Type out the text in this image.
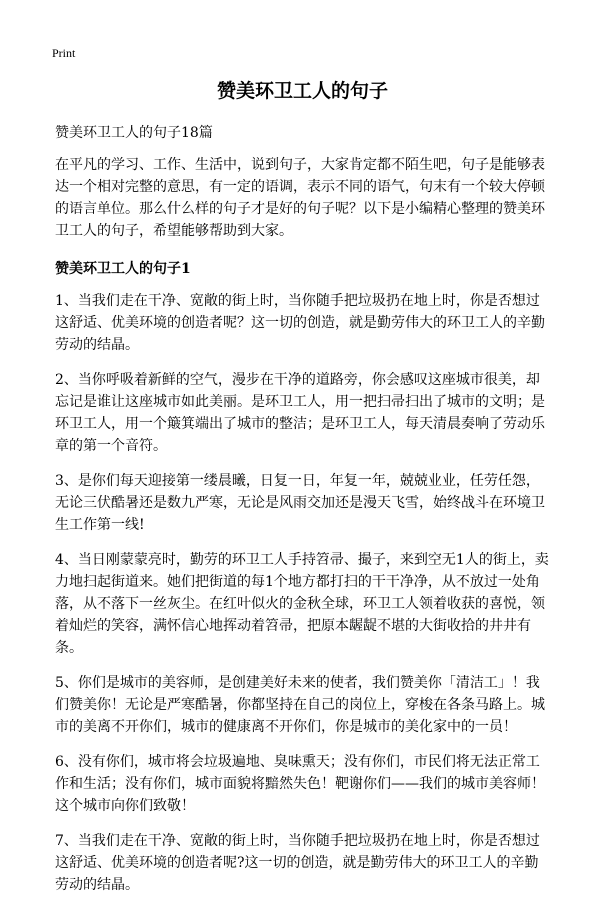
Print
赞美环卫工人的句子
赞美环卫工人的句子18篇
在平凡的学习、工作、生活中，说到句子，大家肯定都不陌生吧，句子是能够表达一个相对完整的意思，有一定的语调，表示不同的语气，句末有一个较大停顿的语言单位。那么什么样的句子才是好的句子呢？以下是小编精心整理的赞美环卫工人的句子，希望能够帮助到大家。
赞美环卫工人的句子1
1、当我们走在干净、宽敞的街上时，当你随手把垃圾扔在地上时，你是否想过这舒适、优美环境的创造者呢？这一切的创造，就是勤劳伟大的环卫工人的辛勤劳动的结晶。
2、当你呼吸着新鲜的空气，漫步在干净的道路旁，你会感叹这座城市很美，却忘记是谁让这座城市如此美丽。是环卫工人，用一把扫帚扫出了城市的文明；是环卫工人，用一个簸箕端出了城市的整洁；是环卫工人，每天清晨奏响了劳动乐章的第一个音符。
3、是你们每天迎接第一缕晨曦，日复一日，年复一年，兢兢业业，任劳任怨，无论三伏酷暑还是数九严寒，无论是风雨交加还是漫天飞雪，始终战斗在环境卫生工作第一线!
4、当日刚蒙蒙亮时，勤劳的环卫工人手持笤帚、撮子，来到空无1人的街上，卖力地扫起街道来。她们把街道的每1个地方都打扫的干干净净，从不放过一处角落，从不落下一丝灰尘。在红叶似火的金秋全球，环卫工人领着收获的喜悦，领着灿烂的笑容，满怀信心地挥动着笤帚，把原本龌龊不堪的大街收拾的井井有条。
5、你们是城市的美容师，是创建美好未来的使者，我们赞美你「清洁工」！我们赞美你！无论是严寒酷暑，你都坚持在自己的岗位上，穿梭在各条马路上。城市的美离不开你们，城市的健康离不开你们，你是城市的美化家中的一员！
6、没有你们，城市将会垃圾遍地、臭味熏天；没有你们，市民们将无法正常工作和生活；没有你们，城市面貌将黯然失色！靶谢你们——我们的城市美容师！这个城市向你们致敬！
7、当我们走在干净、宽敞的街上时，当你随手把垃圾扔在地上时，你是否想过这舒适、优美环境的创造者呢?这一切的创造，就是勤劳伟大的环卫工人的辛勤劳动的结晶。
